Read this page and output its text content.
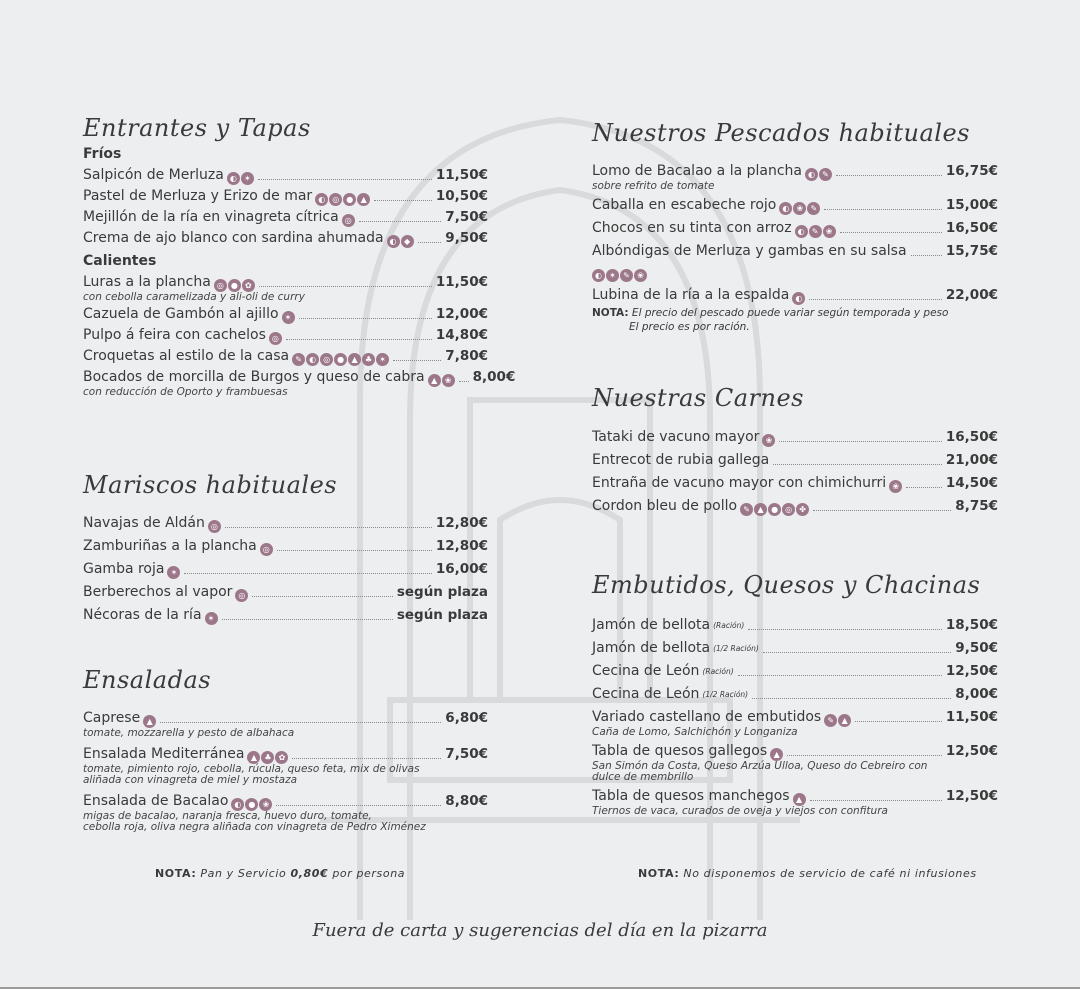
Entrantes y Tapas
Fríos
Salpicón de Merluza ◐ ✶	11,50€
Pastel de Merluza y Erizo de mar ◐ ◎ ● ▲	10,50€
Mejillón de la ría en vinagreta cítrica ◎	7,50€
Crema de ajo blanco con sardina ahumada ◐ ◆	9,50€
Calientes
Luras a la plancha ◎ ● ✿	11,50€
con cebolla caramelizada y ali-oli de curry
Cazuela de Gambón al ajillo ✶	12,00€
Pulpo á feira con cachelos ◎	14,80€
Croquetas al estilo de la casa ✎ ◐ ◎ ● ▲ ♣ ✶	7,80€
Bocados de morcilla de Burgos y queso de cabra ▲ ❀ 8,00€
con reducción de Oporto y frambuesas
Mariscos habituales
Navajas de Aldán ◎	12,80€
Zamburiñas a la plancha ◎	12,80€
Gamba roja ✶	16,00€
Berberechos al vapor ◎	según plaza
Nécoras de la ría ✶	según plaza
Ensaladas
Caprese ▲	6,80€
tomate, mozzarella y pesto de albahaca
Ensalada Mediterránea ▲ ♣ ✿	7,50€
tomate, pimiento rojo, cebolla, rúcula, queso feta, mix de olivas
aliñada con vinagreta de miel y mostaza
Ensalada de Bacalao ◐ ● ❀	8,80€
migas de bacalao, naranja fresca, huevo duro, tomate,
cebolla roja, oliva negra aliñada con vinagreta de Pedro Ximénez
NOTA: Pan y Servicio 0,80€ por persona
Nuestros Pescados habituales
Lomo de Bacalao a la plancha ◐ ✎	16,75€
sobre refrito de tomate
Caballa en escabeche rojo ◐ ❀ ✎	15,00€
Chocos en su tinta con arroz ◐ ✎ ❀	16,50€
Albóndigas de Merluza y gambas en su salsa	15,75€
◐ ✶ ✎ ❀
Lubina de la ría a la espalda ◐	22,00€
NOTA: El precio del pescado puede variar según temporada y peso
El precio es por ración.
Nuestras Carnes
Tataki de vacuno mayor ❀	16,50€
Entrecot de rubia gallega	21,00€
Entraña de vacuno mayor con chimichurri ❀	14,50€
Cordon bleu de pollo ✎ ▲ ● ◎ ✤	8,75€
Embutidos, Quesos y Chacinas
Jamón de bellota (Ración)	18,50€
Jamón de bellota (1/2 Ración)	9,50€
Cecina de León (Ración)	12,50€
Cecina de León (1/2 Ración)	8,00€
Variado castellano de embutidos ✎ ▲	11,50€
Caña de Lomo, Salchichón y Longaniza
Tabla de quesos gallegos ▲	12,50€
San Simón da Costa, Queso Arzúa Ulloa, Queso do Cebreiro con
dulce de membrillo
Tabla de quesos manchegos ▲	12,50€
Tiernos de vaca, curados de oveja y viejos con confitura
NOTA: No disponemos de servicio de café ni infusiones
Fuera de carta y sugerencias del día en la pizarra
